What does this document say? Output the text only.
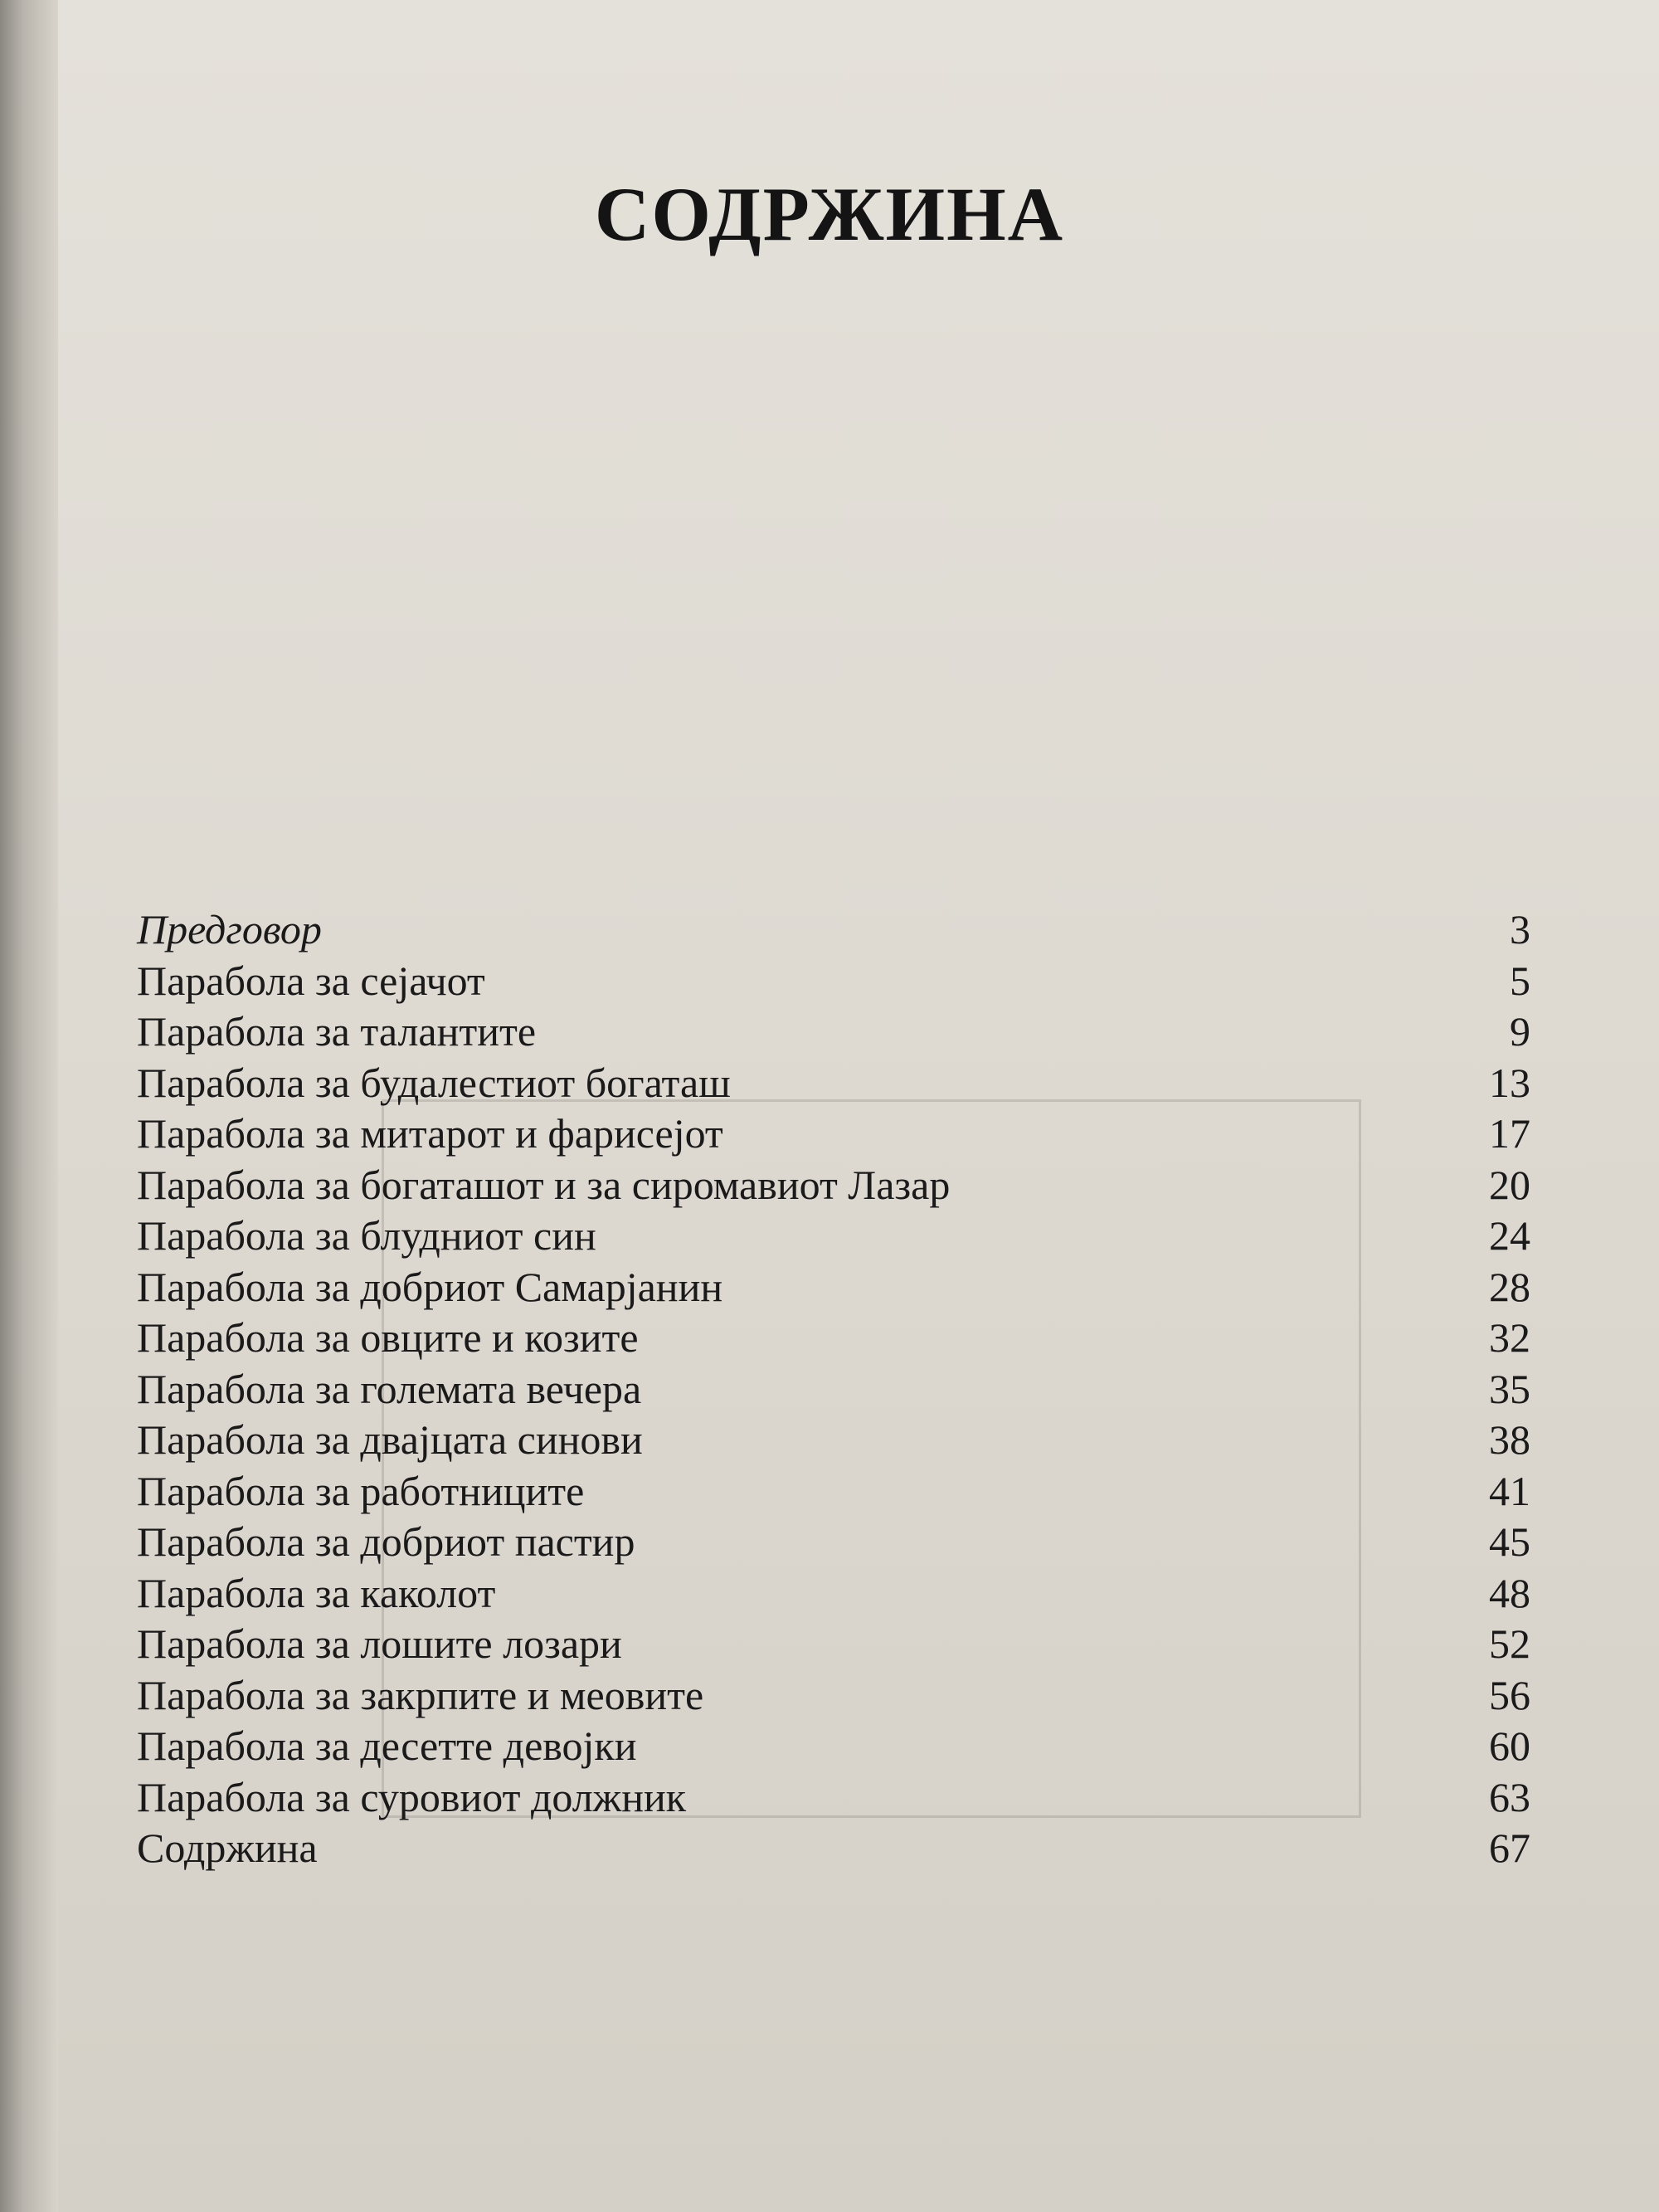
СОДРЖИНА
Предговор	3
Парабола за сејачот	5
Парабола за талантите	9
Парабола за будалестиот богаташ	13
Парабола за митарот и фарисејот	17
Парабола за богаташот и за сиромавиот Лазар	20
Парабола за блудниот син	24
Парабола за добриот Самарјанин	28
Парабола за овците и козите	32
Парабола за големата вечера	35
Парабола за двајцата синови	38
Парабола за работниците	41
Парабола за добриот пастир	45
Парабола за каколот	48
Парабола за лошите лозари	52
Парабола за закрпите и меовите	56
Парабола за десетте девојки	60
Парабола за суровиот должник	63
Содржина	67
